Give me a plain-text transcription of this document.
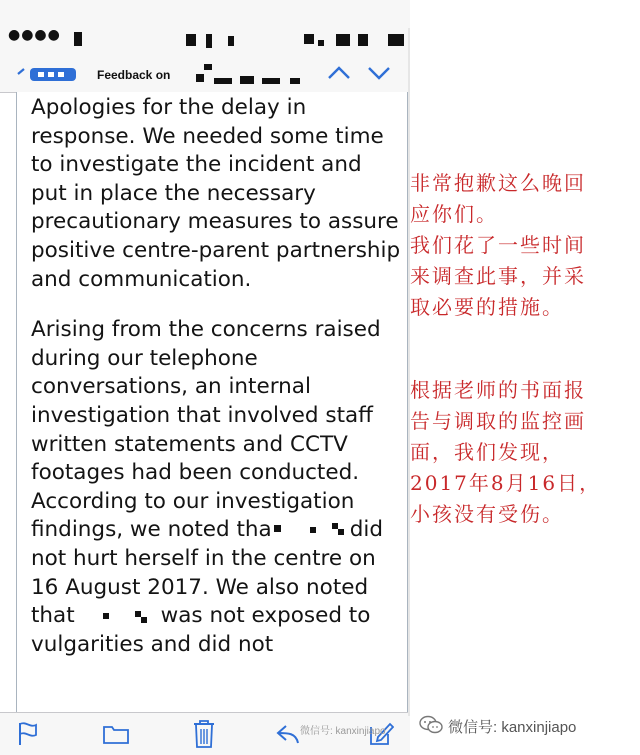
●●●●
Feedback on

Apologies for the delay in response. We needed some time to investigate the incident and put in place the necessary precautionary measures to assure positive centre-parent partnership and communication.

Arising from the concerns raised during our telephone conversations, an internal investigation that involved staff written statements and CCTV footages had been conducted. According to our investigation findings, we noted tha	did not hurt herself in the centre on 16 August 2017. We also noted that	was not exposed to vulgarities and did not

微信号: kanxinjiapo
非常抱歉这么晚回
应你们。
我们花了一些时间
来调查此事，并采
取必要的措施。
根据老师的书面报
告与调取的监控画
面，我们发现，
2017年8月16日，
小孩没有受伤。
微信号: kanxinjiapo
